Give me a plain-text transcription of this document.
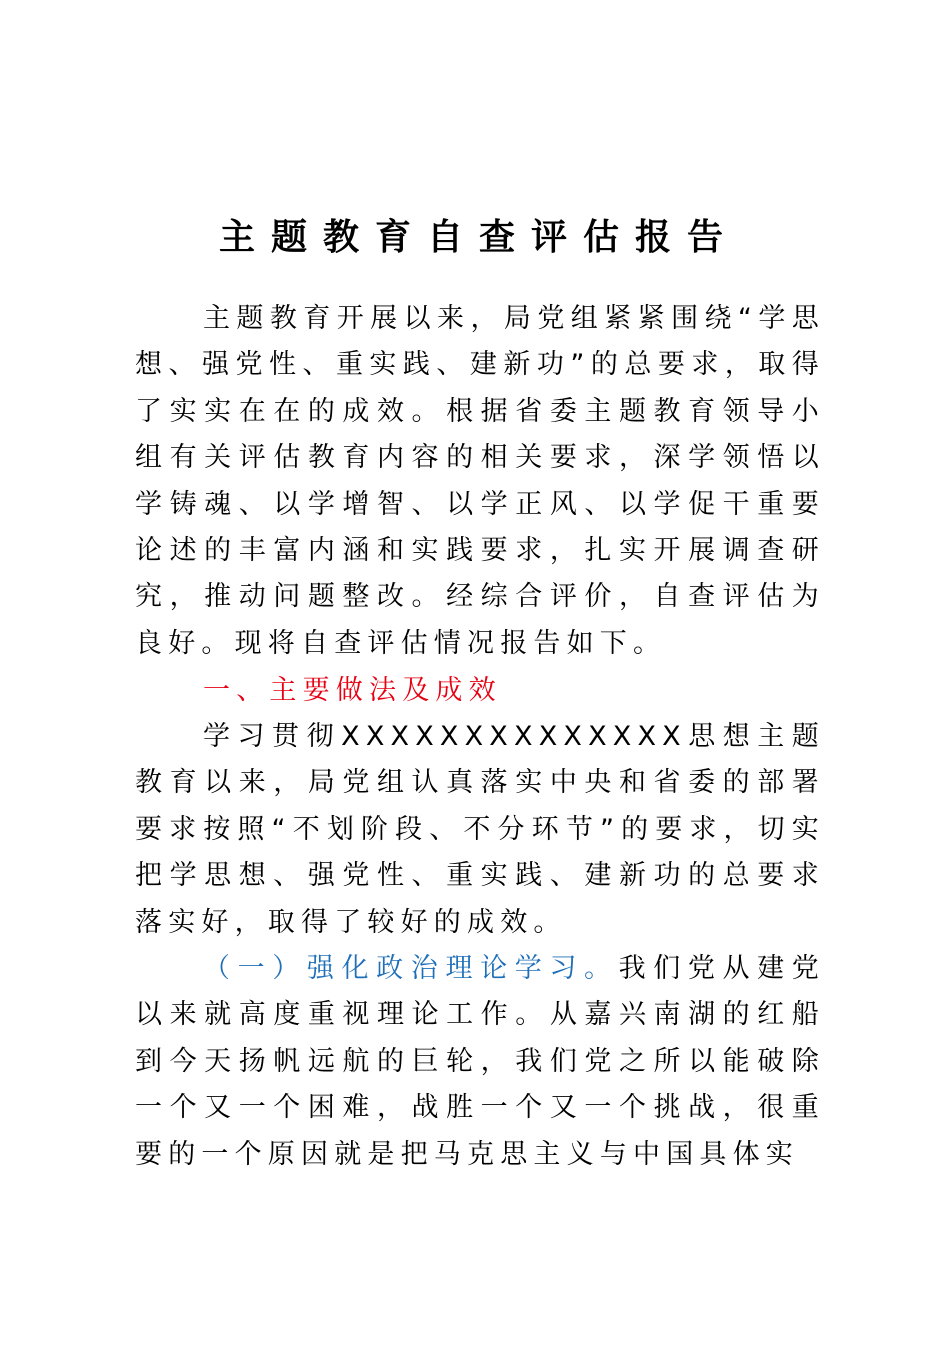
主题教育自查评估报告

主题教育开展以来，局党组紧紧围绕“学思想、强党性、重实践、建新功”的总要求，取得了实实在在的成效。根据省委主题教育领导小组有关评估教育内容的相关要求，深学领悟以学铸魂、以学增智、以学正风、以学促干重要论述的丰富内涵和实践要求，扎实开展调查研究，推动问题整改。经综合评价，自查评估为良好。现将自查评估情况报告如下。

一、主要做法及成效

学习贯彻XXXXXXXXXXXXXX思想主题教育以来，局党组认真落实中央和省委的部署要求按照“不划阶段、不分环节”的要求，切实把学思想、强党性、重实践、建新功的总要求落实好，取得了较好的成效。

（一）强化政治理论学习。我们党从建党以来就高度重视理论工作。从嘉兴南湖的红船到今天扬帆远航的巨轮，我们党之所以能破除一个又一个困难，战胜一个又一个挑战，很重要的一个原因就是把马克思主义与中国具体实
